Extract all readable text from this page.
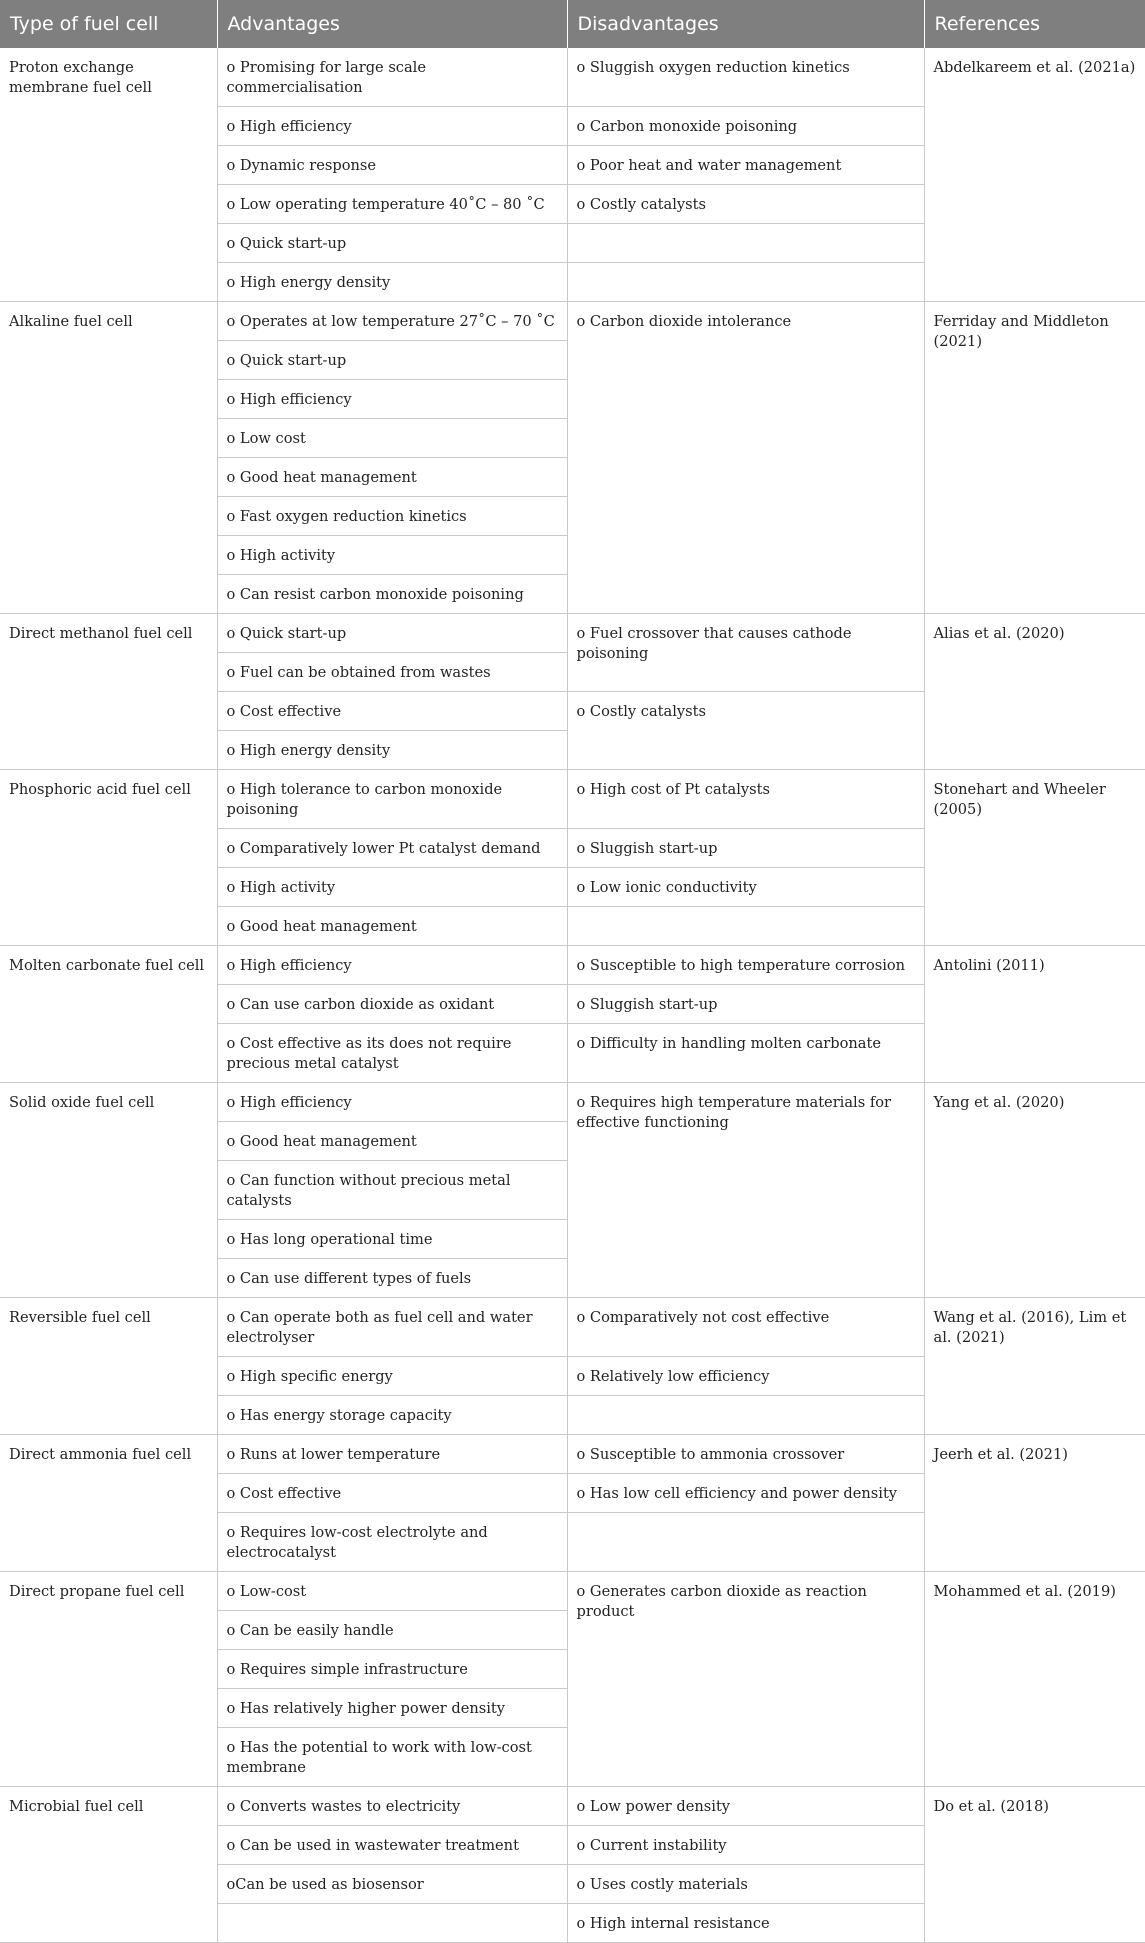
Type of fuel cell	Advantages	Disadvantages	References
Proton exchange membrane fuel cell	o Promising for large scale commercialisation	o Sluggish oxygen reduction kinetics	Abdelkareem et al. (2021a)
	o High efficiency	o Carbon monoxide poisoning	
	o Dynamic response	o Poor heat and water management	
	o Low operating temperature 40˚C – 80 ˚C	o Costly catalysts	
	o Quick start-up		
	o High energy density		
Alkaline fuel cell	o Operates at low temperature 27˚C – 70 ˚C	o Carbon dioxide intolerance	Ferriday and Middleton (2021)
	o Quick start-up		
	o High efficiency		
	o Low cost		
	o Good heat management		
	o Fast oxygen reduction kinetics		
	o High activity		
	o Can resist carbon monoxide poisoning		
Direct methanol fuel cell	o Quick start-up	o Fuel crossover that causes cathode poisoning	Alias et al. (2020)
	o Fuel can be obtained from wastes		
	o Cost effective	o Costly catalysts	
	o High energy density		
Phosphoric acid fuel cell	o High tolerance to carbon monoxide poisoning	o High cost of Pt catalysts	Stonehart and Wheeler (2005)
	o Comparatively lower Pt catalyst demand	o Sluggish start-up	
	o High activity	o Low ionic conductivity	
	o Good heat management		
Molten carbonate fuel cell	o High efficiency	o Susceptible to high temperature corrosion	Antolini (2011)
	o Can use carbon dioxide as oxidant	o Sluggish start-up	
	o Cost effective as its does not require precious metal catalyst	o Difficulty in handling molten carbonate	
Solid oxide fuel cell	o High efficiency	o Requires high temperature materials for effective functioning	Yang et al. (2020)
	o Good heat management		
	o Can function without precious metal catalysts		
	o Has long operational time		
	o Can use different types of fuels		
Reversible fuel cell	o Can operate both as fuel cell and water electrolyser	o Comparatively not cost effective	Wang et al. (2016), Lim et al. (2021)
	o High specific energy	o Relatively low efficiency	
	o Has energy storage capacity		
Direct ammonia fuel cell	o Runs at lower temperature	o Susceptible to ammonia crossover	Jeerh et al. (2021)
	o Cost effective	o Has low cell efficiency and power density	
	o Requires low-cost electrolyte and electrocatalyst		
Direct propane fuel cell	o Low-cost	o Generates carbon dioxide as reaction product	Mohammed et al. (2019)
	o Can be easily handle		
	o Requires simple infrastructure		
	o Has relatively higher power density		
	o Has the potential to work with low-cost membrane		
Microbial fuel cell	o Converts wastes to electricity	o Low power density	Do et al. (2018)
	o Can be used in wastewater treatment	o Current instability	
	oCan be used as biosensor	o Uses costly materials	
		o High internal resistance	
